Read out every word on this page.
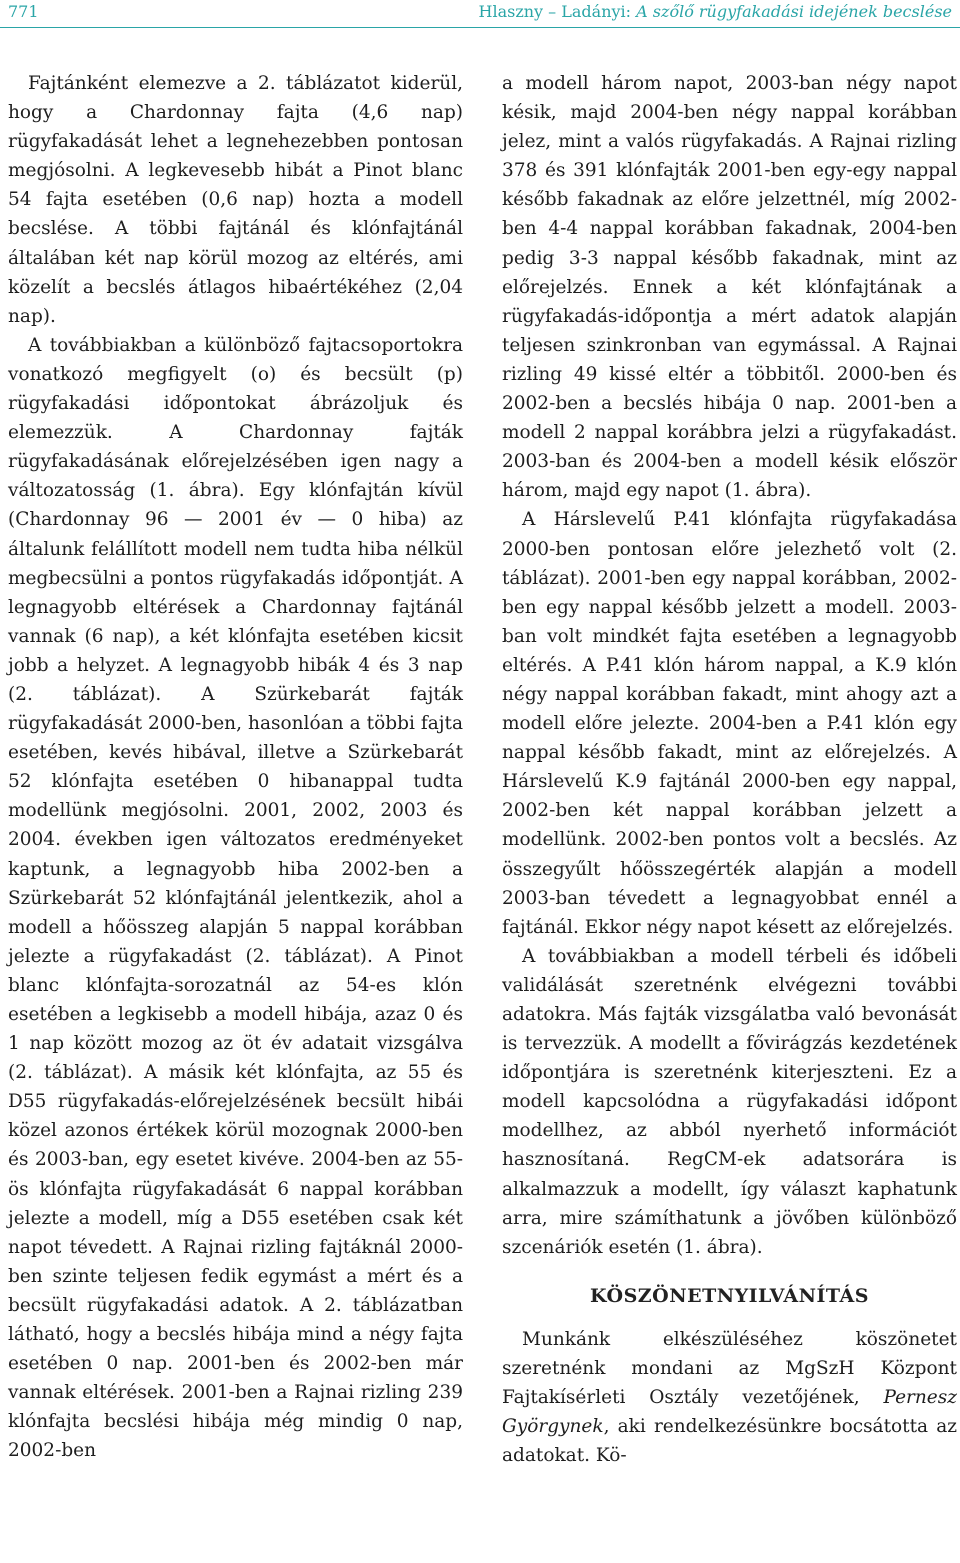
771	Hlaszny – Ladányi: A szőlő rügyfakadási idejének becslése

Fajtánként elemezve a 2. táblázatot kiderül, hogy a Chardonnay fajta (4,6 nap) rügyfakadását lehet a legnehezebben pontosan megjósolni. A legkevesebb hibát a Pinot blanc 54 fajta esetében (0,6 nap) hozta a modell becslése. A többi fajtánál és klónfajtánál általában két nap körül mozog az eltérés, ami közelít a becslés átlagos hibaértékéhez (2,04 nap).

A továbbiakban a különböző fajtacsoportokra vonatkozó megfigyelt (o) és becsült (p) rügyfakadási időpontokat ábrázoljuk és elemezzük. A Chardonnay fajták rügyfakadásának előrejelzésében igen nagy a változatosság (1. ábra). Egy klónfajtán kívül (Chardonnay 96 — 2001 év — 0 hiba) az általunk felállított modell nem tudta hiba nélkül megbecsülni a pontos rügyfakadás időpontját. A legnagyobb eltérések a Chardonnay fajtánál vannak (6 nap), a két klónfajta esetében kicsit jobb a helyzet. A legnagyobb hibák 4 és 3 nap (2. táblázat). A Szürkebarát fajták rügyfakadását 2000-ben, hasonlóan a többi fajta esetében, kevés hibával, illetve a Szürkebarát 52 klónfajta esetében 0 hibanappal tudta modellünk megjósolni. 2001, 2002, 2003 és 2004. években igen változatos eredményeket kaptunk, a legnagyobb hiba 2002-ben a Szürkebarát 52 klónfajtánál jelentkezik, ahol a modell a hőösszeg alapján 5 nappal korábban jelezte a rügyfakadást (2. táblázat). A Pinot blanc klónfajta-sorozatnál az 54-es klón esetében a legkisebb a modell hibája, azaz 0 és 1 nap között mozog az öt év adatait vizsgálva (2. táblázat). A másik két klónfajta, az 55 és D55 rügyfakadás-előrejelzésének becsült hibái közel azonos értékek körül mozognak 2000-ben és 2003-ban, egy esetet kivéve. 2004-ben az 55-ös klónfajta rügyfakadását 6 nappal korábban jelezte a modell, míg a D55 esetében csak két napot tévedett. A Rajnai rizling fajtáknál 2000-ben szinte teljesen fedik egymást a mért és a becsült rügyfakadási adatok. A 2. táblázatban látható, hogy a becslés hibája mind a négy fajta esetében 0 nap. 2001-ben és 2002-ben már vannak eltérések. 2001-ben a Rajnai rizling 239 klónfajta becslési hibája még mindig 0 nap, 2002-ben

a modell három napot, 2003-ban négy napot késik, majd 2004-ben négy nappal korábban jelez, mint a valós rügyfakadás. A Rajnai rizling 378 és 391 klónfajták 2001-ben egy-egy nappal később fakadnak az előre jelzettnél, míg 2002-ben 4-4 nappal korábban fakadnak, 2004-ben pedig 3-3 nappal később fakadnak, mint az előrejelzés. Ennek a két klónfajtának a rügyfakadás-időpontja a mért adatok alapján teljesen szinkronban van egymással. A Rajnai rizling 49 kissé eltér a többitől. 2000-ben és 2002-ben a becslés hibája 0 nap. 2001-ben a modell 2 nappal korábbra jelzi a rügyfakadást. 2003-ban és 2004-ben a modell késik először három, majd egy napot (1. ábra).

A Hárslevelű P.41 klónfajta rügyfakadása 2000-ben pontosan előre jelezhető volt (2. táblázat). 2001-ben egy nappal korábban, 2002-ben egy nappal később jelzett a modell. 2003-ban volt mindkét fajta esetében a legnagyobb eltérés. A P.41 klón három nappal, a K.9 klón négy nappal korábban fakadt, mint ahogy azt a modell előre jelezte. 2004-ben a P.41 klón egy nappal később fakadt, mint az előrejelzés. A Hárslevelű K.9 fajtánál 2000-ben egy nappal, 2002-ben két nappal korábban jelzett a modellünk. 2002-ben pontos volt a becslés. Az összegyűlt hőösszegérték alapján a modell 2003-ban tévedett a legnagyobbat ennél a fajtánál. Ekkor négy napot késett az előrejelzés.

A továbbiakban a modell térbeli és időbeli validálását szeretnénk elvégezni további adatokra. Más fajták vizsgálatba való bevonását is tervezzük. A modellt a fővirágzás kezdetének időpontjára is szeretnénk kiterjeszteni. Ez a modell kapcsolódna a rügyfakadási időpont modellhez, az abból nyerhető információt hasznosítaná. RegCM-ek adatsorára is alkalmazzuk a modellt, így választ kaphatunk arra, mire számíthatunk a jövőben különböző szcenáriók esetén (1. ábra).

KÖSZÖNETNYILVÁNÍTÁS

Munkánk elkészüléséhez köszönetet szeretnénk mondani az MgSzH Központ Fajtakísérleti Osztály vezetőjének, Pernesz Györgynek, aki rendelkezésünkre bocsátotta az adatokat. Kö-
